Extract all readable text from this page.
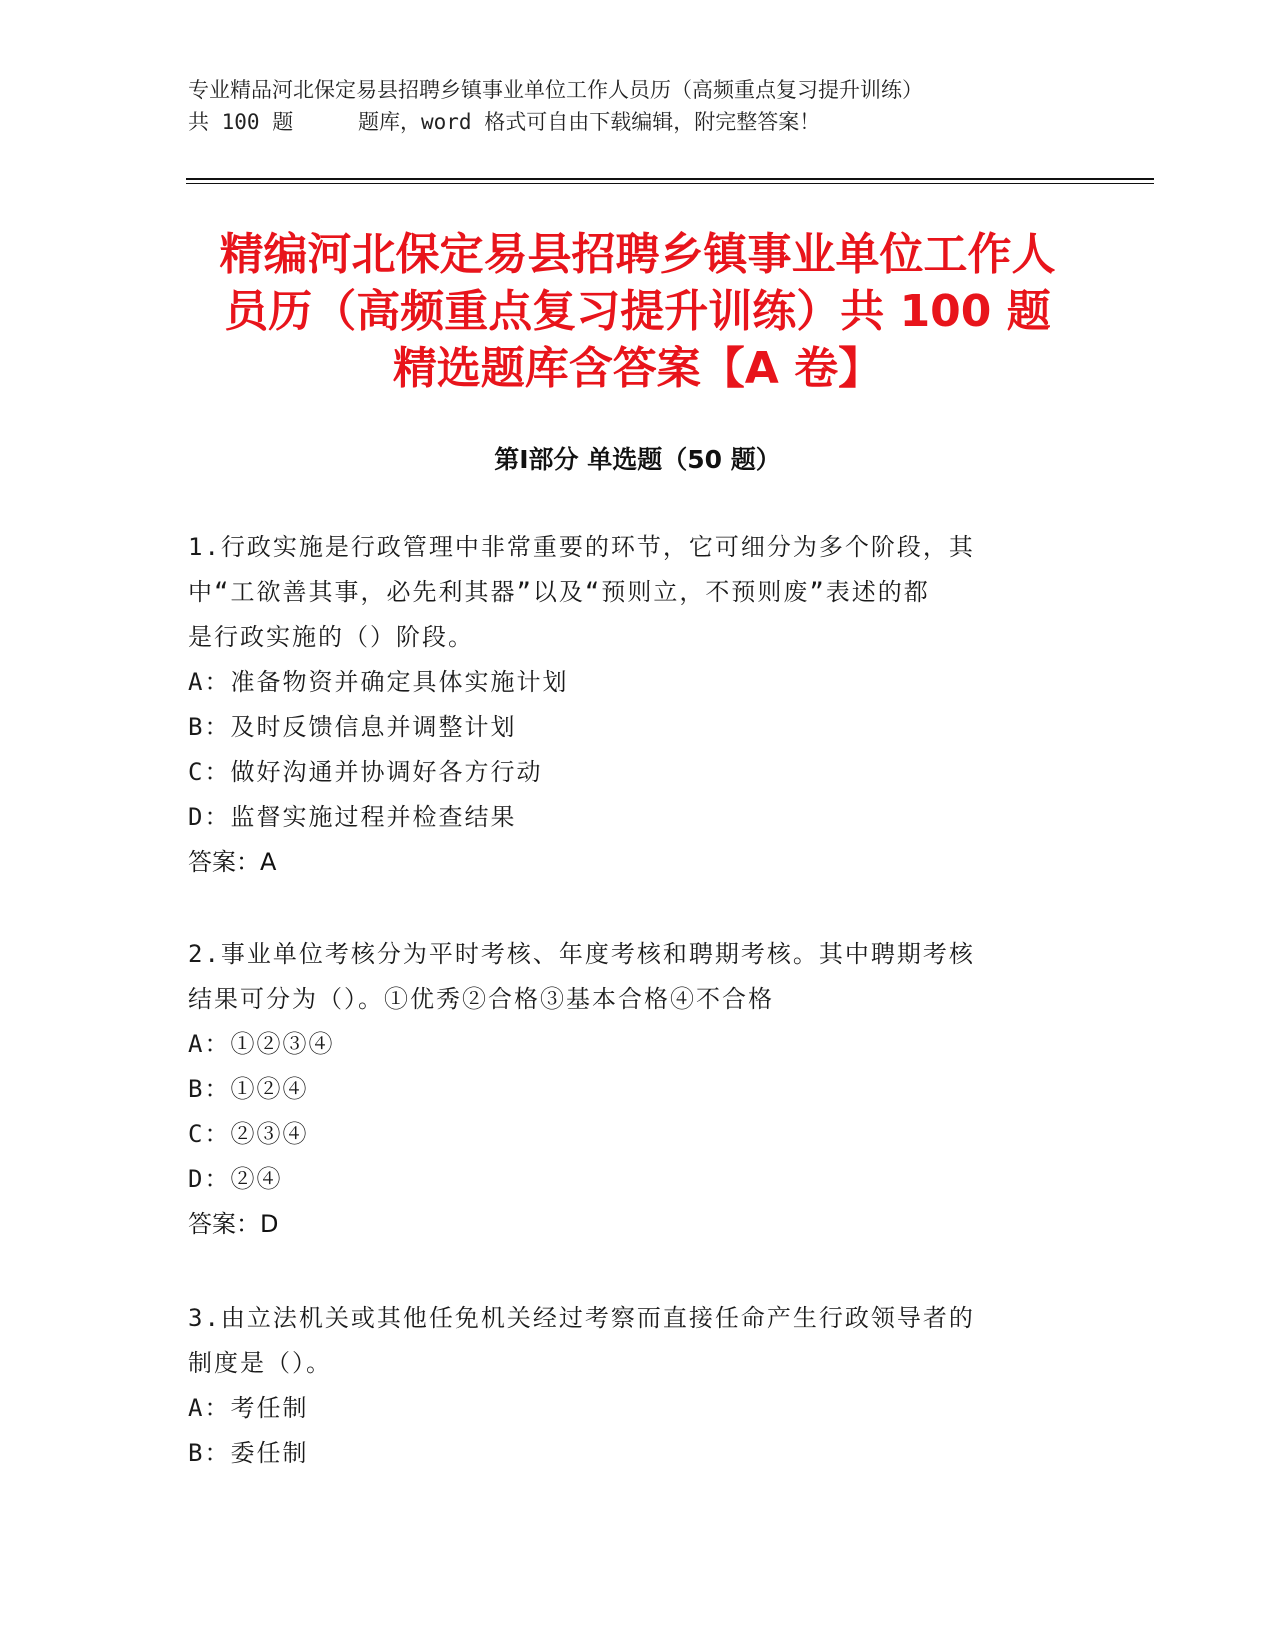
专业精品河北保定易县招聘乡镇事业单位工作人员历（高频重点复习提升训练）
共 100 题	题库，word 格式可自由下载编辑，附完整答案！
精编河北保定易县招聘乡镇事业单位工作人
员历（高频重点复习提升训练）共 100 题
精选题库含答案【A 卷】
第Ⅰ部分 单选题（50 题）
1.行政实施是行政管理中非常重要的环节，它可细分为多个阶段，其
中“工欲善其事，必先利其器”以及“预则立，不预则废”表述的都
是行政实施的（）阶段。
A：准备物资并确定具体实施计划
B：及时反馈信息并调整计划
C：做好沟通并协调好各方行动
D：监督实施过程并检查结果
答案：A
2.事业单位考核分为平时考核、年度考核和聘期考核。其中聘期考核
结果可分为（）。①优秀②合格③基本合格④不合格
A：①②③④
B：①②④
C：②③④
D：②④
答案：D
3.由立法机关或其他任免机关经过考察而直接任命产生行政领导者的
制度是（）。
A：考任制
B：委任制
